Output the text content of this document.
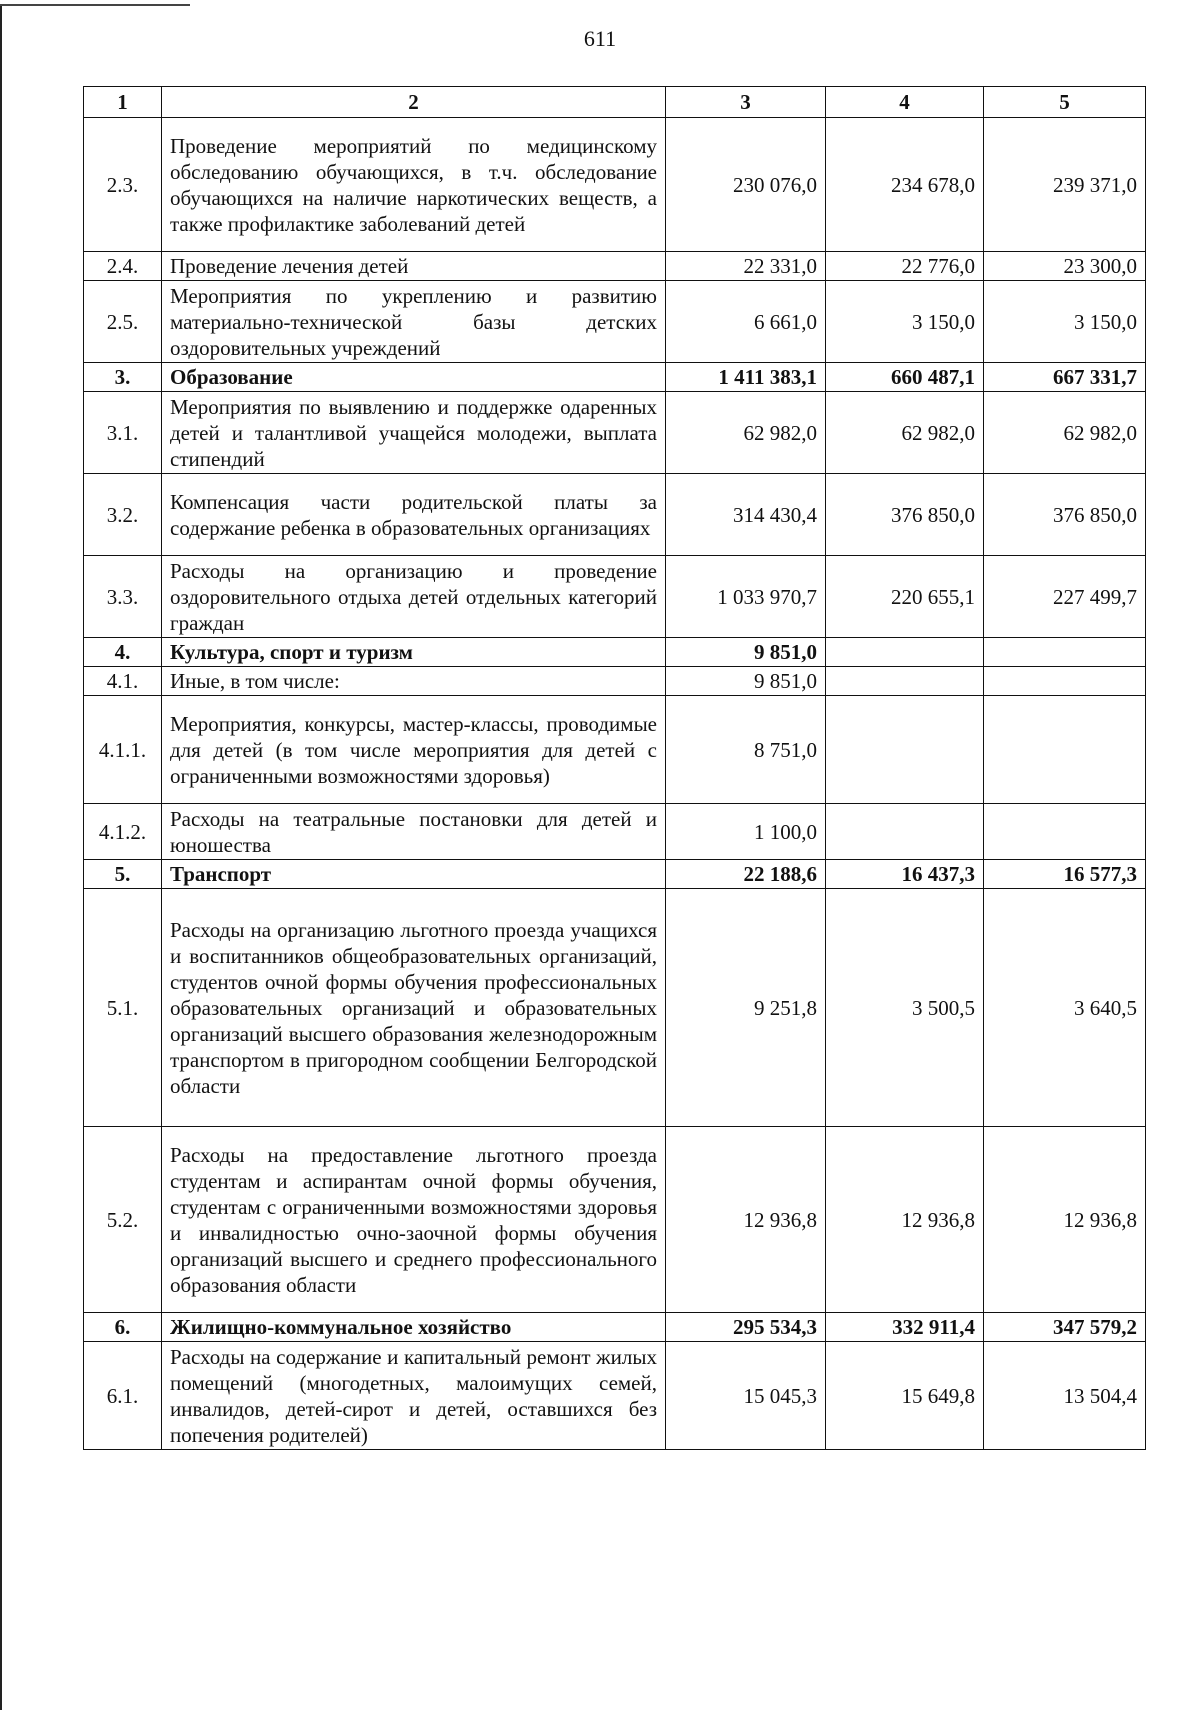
611
1	2	3	4	5
2.3.	Проведение мероприятий по медицинскому обследованию обучающихся, в т.ч. обследование обучающихся на наличие наркотических веществ, а также профилактике заболеваний детей	230 076,0	234 678,0	239 371,0
2.4.	Проведение лечения детей	22 331,0	22 776,0	23 300,0
2.5.	Мероприятия по укреплению и развитию материально-технической базы детских оздоровительных учреждений	6 661,0	3 150,0	3 150,0
3.	Образование	1 411 383,1	660 487,1	667 331,7
3.1.	Мероприятия по выявлению и поддержке одаренных детей и талантливой учащейся молодежи, выплата стипендий	62 982,0	62 982,0	62 982,0
3.2.	Компенсация части родительской платы за содержание ребенка в образовательных организациях	314 430,4	376 850,0	376 850,0
3.3.	Расходы на организацию и проведение оздоровительного отдыха детей отдельных категорий граждан	1 033 970,7	220 655,1	227 499,7
4.	Культура, спорт и туризм	9 851,0		
4.1.	Иные, в том числе:	9 851,0		
4.1.1.	Мероприятия, конкурсы, мастер-классы, проводимые для детей (в том числе мероприятия для детей с ограниченными возможностями здоровья)	8 751,0		
4.1.2.	Расходы на театральные постановки для детей и юношества	1 100,0		
5.	Транспорт	22 188,6	16 437,3	16 577,3
5.1.	Расходы на организацию льготного проезда учащихся и воспитанников общеобразовательных организаций, студентов очной формы обучения профессиональных образовательных организаций и образовательных организаций высшего образования железнодорожным транспортом в пригородном сообщении Белгородской области	9 251,8	3 500,5	3 640,5
5.2.	Расходы на предоставление льготного проезда студентам и аспирантам очной формы обучения, студентам с ограниченными возможностями здоровья и инвалидностью очно-заочной формы обучения организаций высшего и среднего профессионального образования области	12 936,8	12 936,8	12 936,8
6.	Жилищно-коммунальное хозяйство	295 534,3	332 911,4	347 579,2
6.1.	Расходы на содержание и капитальный ремонт жилых помещений (многодетных, малоимущих семей, инвалидов, детей-сирот и детей, оставшихся без попечения родителей)	15 045,3	15 649,8	13 504,4
